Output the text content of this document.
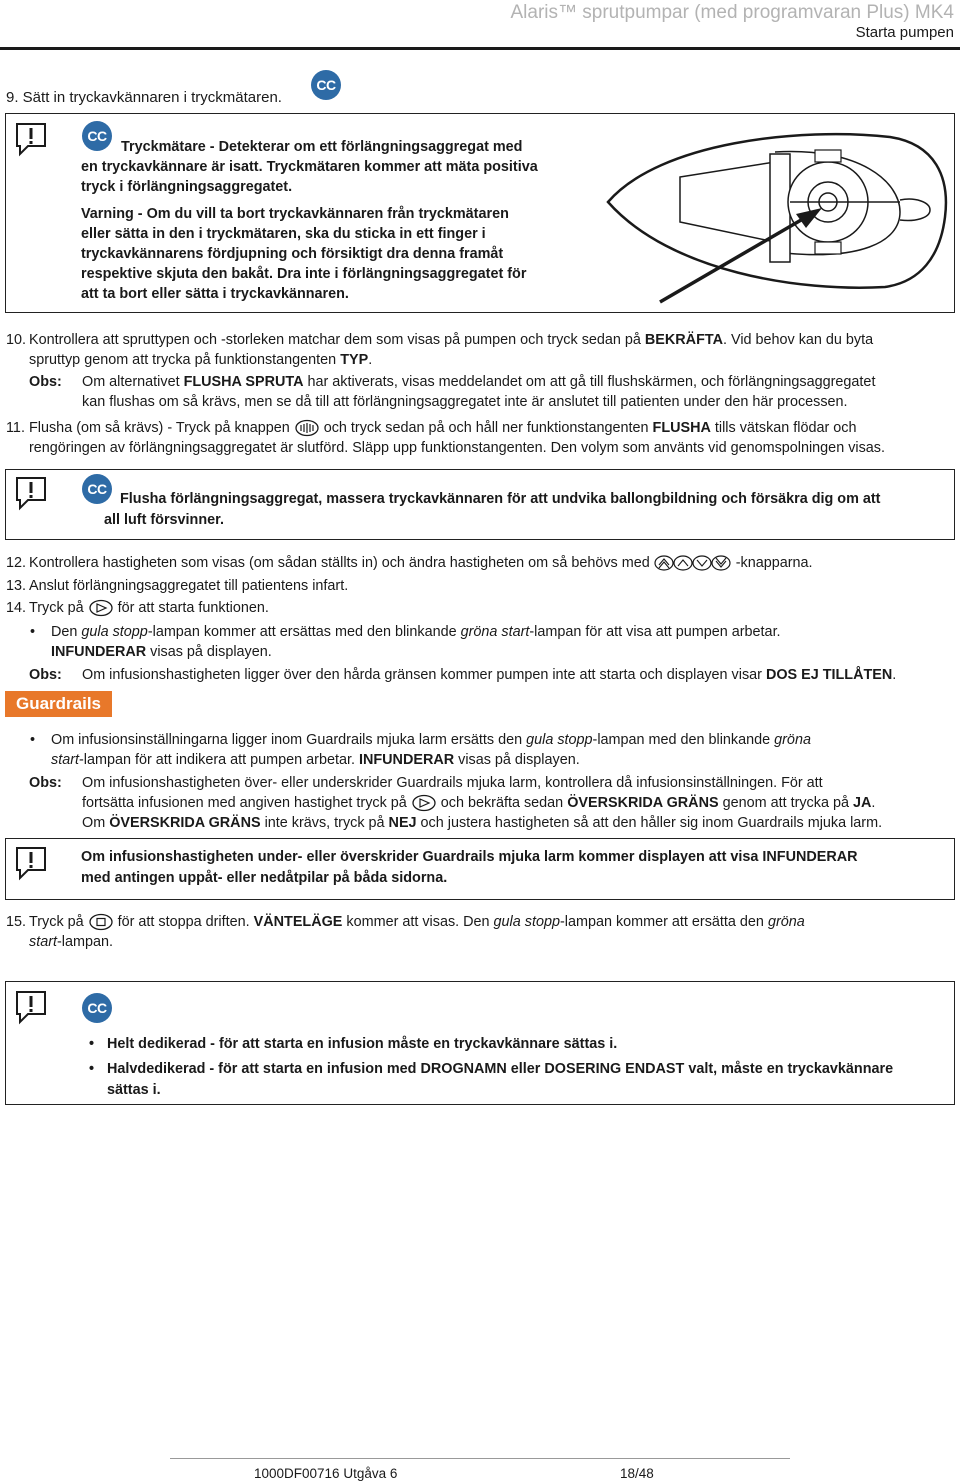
Alaris™ sprutpumpar (med programvaran Plus) MK4
Starta pumpen
9. Sätt in tryckavkännaren i tryckmätaren.
CC
CC
Tryckmätare - Detekterar om ett förlängningsaggregat med
en tryckavkännare är isatt. Tryckmätaren kommer att mäta positiva
tryck i förlängningsaggregatet.
Varning - Om du vill ta bort tryckavkännaren från tryckmätaren
eller sätta in den i tryckmätaren, ska du sticka in ett finger i
tryckavkännarens fördjupning och försiktigt dra denna framåt
respektive skjuta den bakåt. Dra inte i förlängningsaggregatet för
att ta bort eller sätta i tryckavkännaren.
10. Kontrollera att spruttypen och -storleken matchar dem som visas på pumpen och tryck sedan på BEKRÄFTA. Vid behov kan du byta
spruttyp genom att trycka på funktionstangenten TYP.
Obs: Om alternativet FLUSHA SPRUTA har aktiverats, visas meddelandet om att gå till flushskärmen, och förlängningsaggregatet
kan flushas om så krävs, men se då till att förlängningsaggregatet inte är anslutet till patienten under den här processen.
11. Flusha (om så krävs) - Tryck på knappen och tryck sedan på och håll ner funktionstangenten FLUSHA tills vätskan flödar och
rengöringen av förlängningsaggregatet är slutförd. Släpp upp funktionstangenten. Den volym som använts vid genomspolningen visas.
CC
Flusha förlängningsaggregat, massera tryckavkännaren för att undvika ballongbildning och försäkra dig om att
all luft försvinner.
12. Kontrollera hastigheten som visas (om sådan ställts in) och ändra hastigheten om så behövs med	-knapparna.
13. Anslut förlängningsaggregatet till patientens infart.
14. Tryck på för att starta funktionen.
• Den gula stopp-lampan kommer att ersättas med den blinkande gröna start-lampan för att visa att pumpen arbetar.
INFUNDERAR visas på displayen.
Obs: Om infusionshastigheten ligger över den hårda gränsen kommer pumpen inte att starta och displayen visar DOS EJ TILLÅTEN.
Guardrails
• Om infusionsinställningarna ligger inom Guardrails mjuka larm ersätts den gula stopp-lampan med den blinkande gröna
start-lampan för att indikera att pumpen arbetar. INFUNDERAR visas på displayen.
Obs: Om infusionshastigheten över- eller underskrider Guardrails mjuka larm, kontrollera då infusionsinställningen. För att
fortsätta infusionen med angiven hastighet tryck på och bekräfta sedan ÖVERSKRIDA GRÄNS genom att trycka på JA.
Om ÖVERSKRIDA GRÄNS inte krävs, tryck på NEJ och justera hastigheten så att den håller sig inom Guardrails mjuka larm.
Om infusionshastigheten under- eller överskrider Guardrails mjuka larm kommer displayen att visa INFUNDERAR
med antingen uppåt- eller nedåtpilar på båda sidorna.
15. Tryck på för att stoppa driften. VÄNTELÄGE kommer att visas. Den gula stopp-lampan kommer att ersätta den gröna
start-lampan.
CC
• Helt dedikerad - för att starta en infusion måste en tryckavkännare sättas i.
• Halvdedikerad - för att starta en infusion med DROGNAMN eller DOSERING ENDAST valt, måste en tryckavkännare
sättas i.
1000DF00716 Utgåva 6	18/48
